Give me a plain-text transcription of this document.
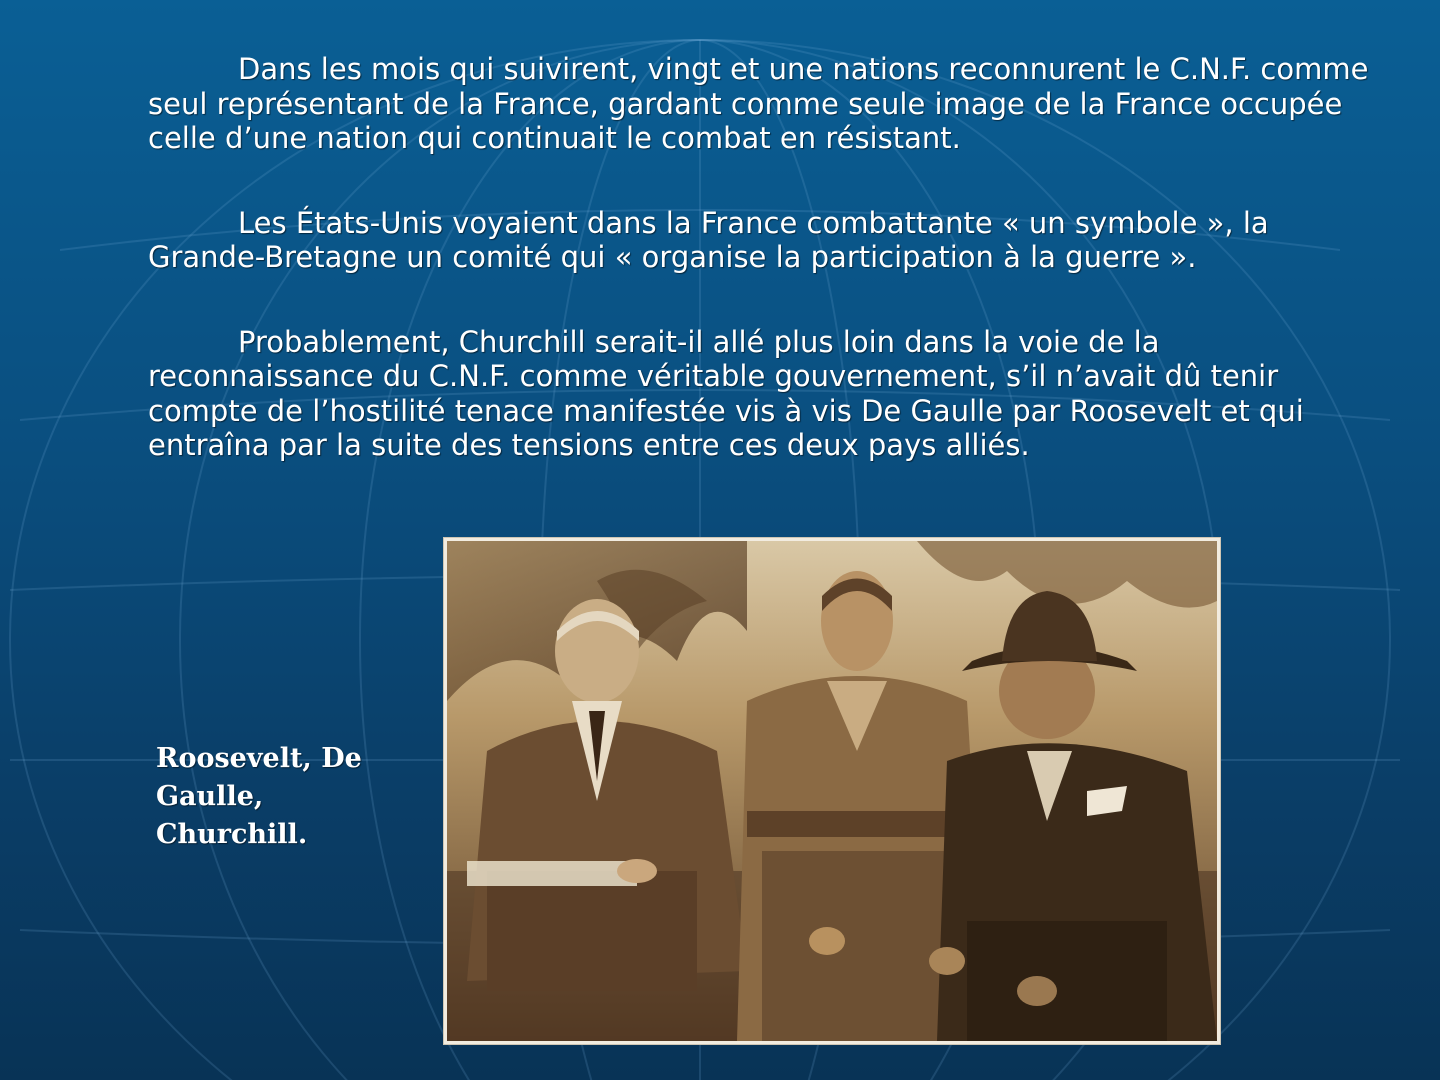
Dans les mois qui suivirent, vingt et une nations reconnurent le C.N.F. comme seul représentant de la France, gardant comme seule image de la France occupée celle d’une nation qui continuait le combat en résistant.

Les États-Unis voyaient dans la France combattante « un symbole », la Grande-Bretagne un comité qui « organise la participation à la guerre ».

Probablement, Churchill serait-il allé plus loin dans la voie de la reconnaissance du C.N.F. comme véritable gouvernement, s’il n’avait dû tenir compte de l’hostilité tenace manifestée vis à vis De Gaulle par Roosevelt et qui entraîna par la suite des tensions entre ces deux pays alliés.

Roosevelt, De Gaulle, Churchill.
